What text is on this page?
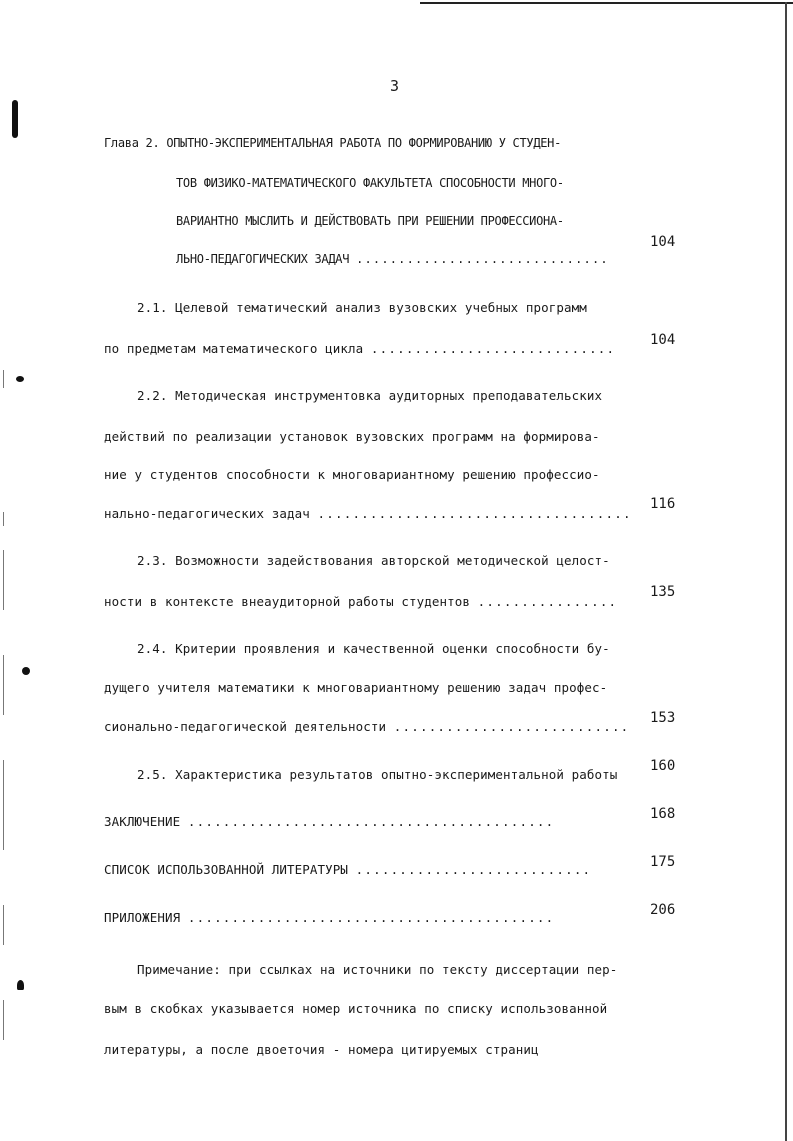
3
Глава 2. ОПЫТНО-ЭКСПЕРИМЕНТАЛЬНАЯ РАБОТА ПО ФОРМИРОВАНИЮ У СТУДЕН-
ТОВ ФИЗИКО-МАТЕМАТИЧЕСКОГО ФАКУЛЬТЕТА СПОСОБНОСТИ МНОГО-
ВАРИАНТНО МЫСЛИТЬ И ДЕЙСТВОВАТЬ ПРИ РЕШЕНИИ ПРОФЕССИОНА-
ЛЬНО-ПЕДАГОГИЧЕСКИХ ЗАДАЧ ..............................
104
2.1. Целевой тематический анализ вузовских учебных программ
по предметам математического цикла ............................
104
2.2. Методическая инструментовка аудиторных преподавательских
действий по реализации установок вузовских программ на формирова-
ние у студентов способности к многовариантному решению профессио-
нально-педагогических задач ....................................
116
2.3. Возможности задействования авторской методической целост-
ности в контексте внеаудиторной работы студентов ................
135
2.4. Критерии проявления и качественной оценки способности бу-
дущего учителя математики к многовариантному решению задач профес-
сионально-педагогической деятельности ...........................
153
2.5. Характеристика результатов опытно-экспериментальной работы
160
ЗАКЛЮЧЕНИЕ ..........................................	168
СПИСОК ИСПОЛЬЗОВАННОЙ ЛИТЕРАТУРЫ ...........................	175
ПРИЛОЖЕНИЯ ..........................................	206
Примечание: при ссылках на источники по тексту диссертации пер-
вым в скобках указывается номер источника по списку использованной
литературы, а после двоеточия - номера цитируемых страниц
